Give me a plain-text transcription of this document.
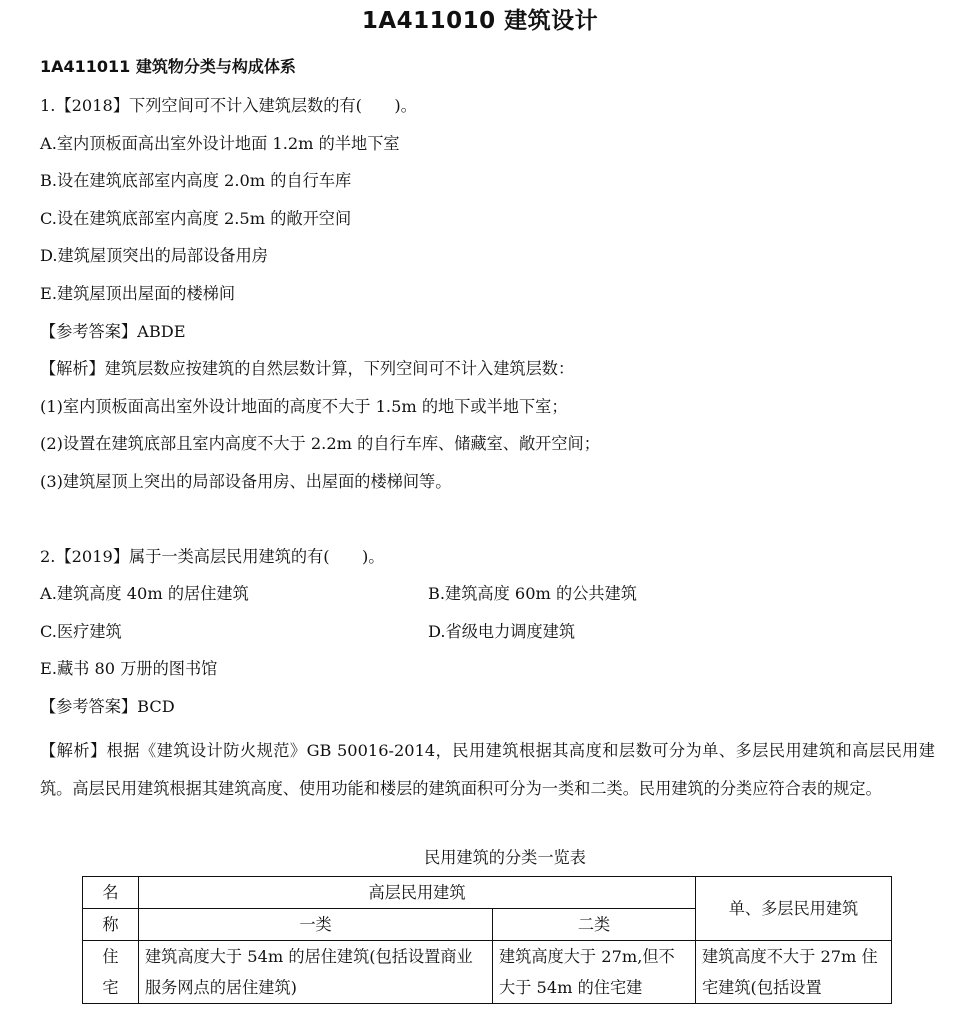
1A411010 建筑设计
1A411011 建筑物分类与构成体系
1.【2018】下列空间可不计入建筑层数的有(　　)。
A.室内顶板面高出室外设计地面 1.2m 的半地下室
B.设在建筑底部室内高度 2.0m 的自行车库
C.设在建筑底部室内高度 2.5m 的敞开空间
D.建筑屋顶突出的局部设备用房
E.建筑屋顶出屋面的楼梯间
【参考答案】ABDE
【解析】建筑层数应按建筑的自然层数计算，下列空间可不计入建筑层数：
(1)室内顶板面高出室外设计地面的高度不大于 1.5m 的地下或半地下室；
(2)设置在建筑底部且室内高度不大于 2.2m 的自行车库、储藏室、敞开空间；
(3)建筑屋顶上突出的局部设备用房、出屋面的楼梯间等。
2.【2019】属于一类高层民用建筑的有(　　)。
A.建筑高度 40m 的居住建筑	B.建筑高度 60m 的公共建筑
C.医疗建筑	D.省级电力调度建筑
E.藏书 80 万册的图书馆
【参考答案】BCD
【解析】根据《建筑设计防火规范》GB 50016-2014，民用建筑根据其高度和层数可分为单、多层民用建筑和高层民用建筑。高层民用建筑根据其建筑高度、使用功能和楼层的建筑面积可分为一类和二类。民用建筑的分类应符合表的规定。
民用建筑的分类一览表
名	高层民用建筑		单、多层民用建筑
称	一类	二类	

住
宅	建筑高度大于 54m 的居住建筑(包括设置商业服务网点的居住建筑)	建筑高度大于 27m,但不大于 54m 的住宅建	建筑高度不大于 27m 住宅建筑(包括设置
